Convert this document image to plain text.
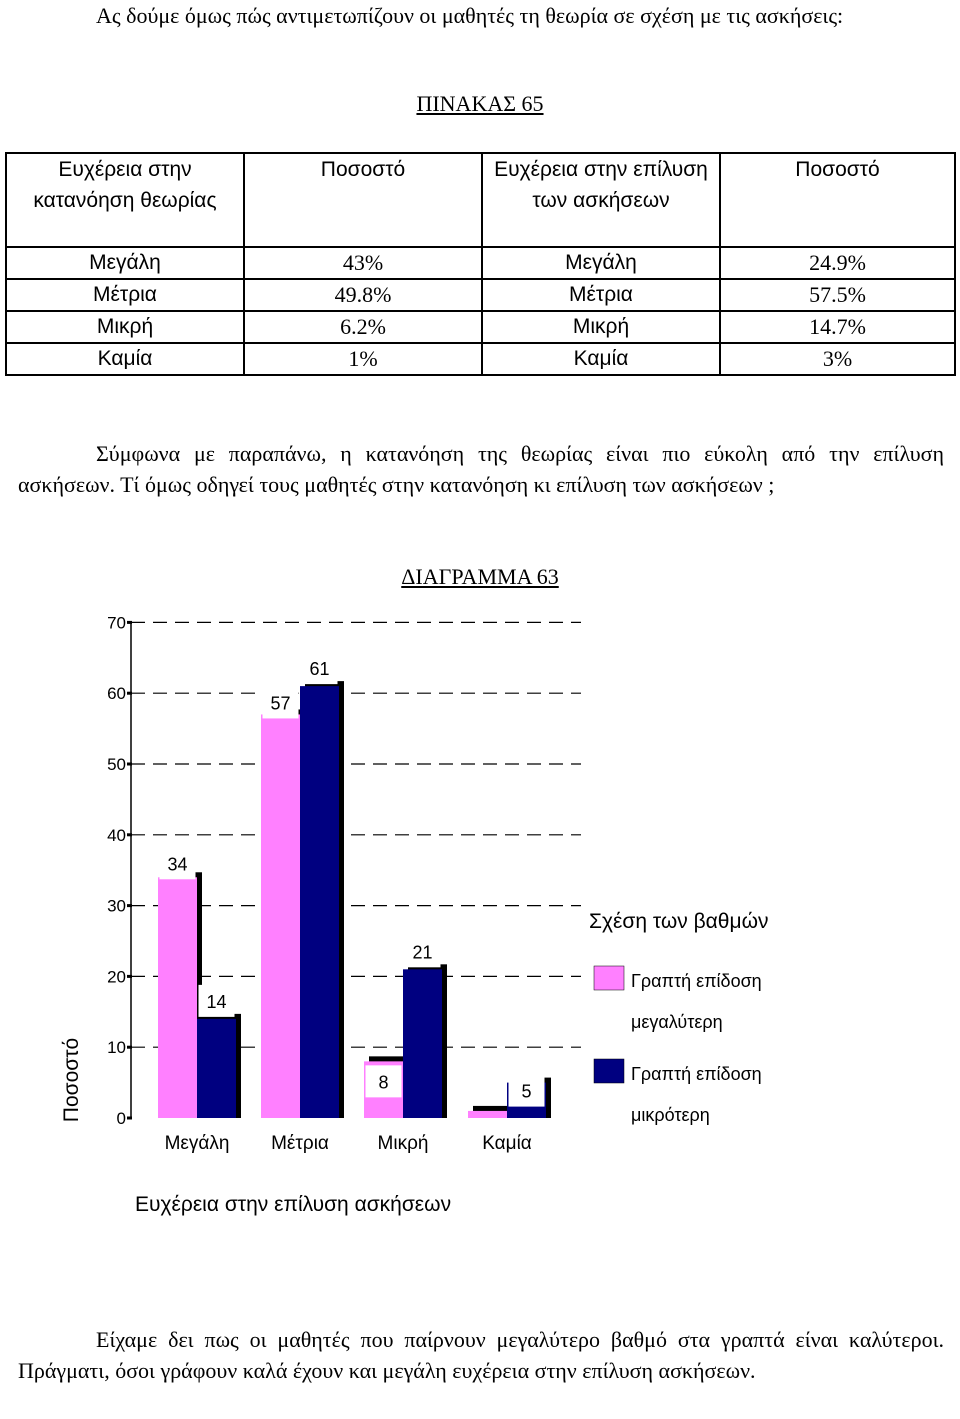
Ας δούμε όμως πώς αντιμετωπίζουν οι μαθητές τη θεωρία σε σχέση με τις ασκήσεις:
ΠΙΝΑΚΑΣ 65
Ευχέρεια στην κατανόηση θεωρίας	Ποσοστό	Ευχέρεια στην επίλυση των ασκήσεων	Ποσοστό
Μεγάλη	43%	Μεγάλη	24.9%
Μέτρια	49.8%	Μέτρια	57.5%
Μικρή	6.2%	Μικρή	14.7%
Καμία	1%	Καμία	3%
Σύμφωνα με παραπάνω, η κατανόηση της θεωρίας είναι πιο εύκολη από την επίλυση ασκήσεων. Τί όμως οδηγεί τους μαθητές στην κατανόηση κι επίλυση των ασκήσεων ;
ΔΙΑΓΡΑΜΜΑ 63
0
10
20
30
40
50
60
70
34
14
57
61
8
21
5
Μεγάλη Μέτρια	Μικρή	Καμία
Ευχέρεια στην επίλυση ασκήσεων
Ποσοστό
Σχέση των βαθμών
Γραπτή επίδοση
μεγαλύτερη
Γραπτή επίδοση
μικρότερη
Είχαμε δει πως οι μαθητές που παίρνουν μεγαλύτερο βαθμό στα γραπτά είναι καλύτεροι. Πράγματι, όσοι γράφουν καλά έχουν και μεγάλη ευχέρεια στην επίλυση ασκήσεων.
